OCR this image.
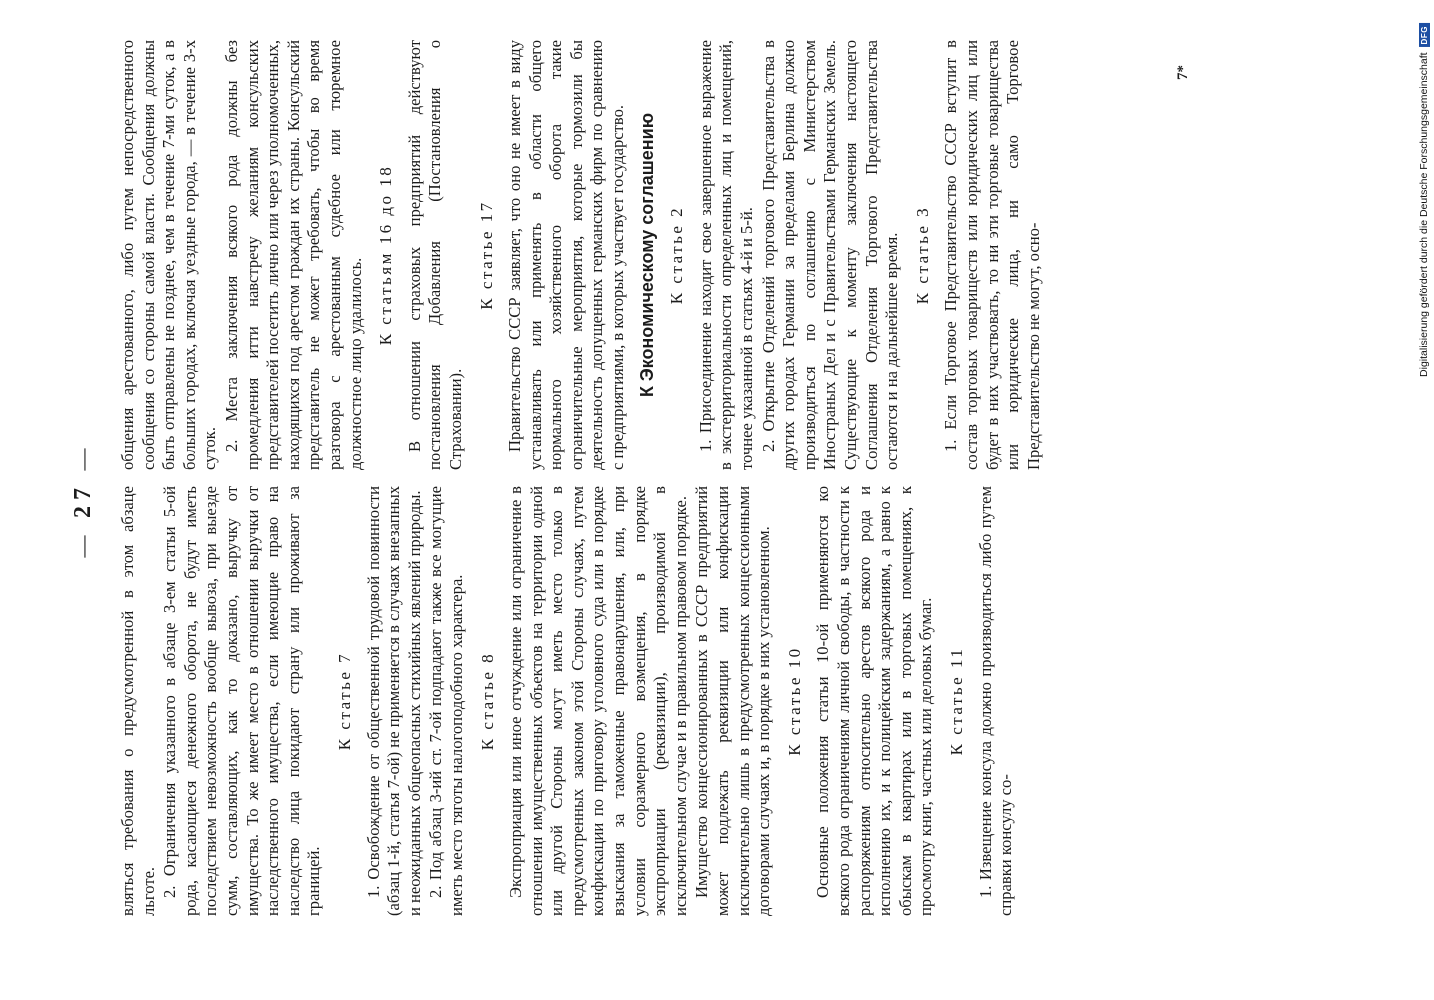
— 27 —

вляться требования о предусмотренной в этом абзаце льготе. 2. Ограничения указанного в абзаце 3-ем статьи 5-ой рода, касающиеся денежного оборота, не будут иметь последствием невозможность вообще вывоза, при выезде сумм, составляющих, как то доказано, выручку от имущества. То же имеет место в отношении выручки от наследственного имущества, если имеющие право на наследство лица покидают страну или проживают за границей.

К статье 7 1. Освобождение от общественной трудовой повинности (абзац 1-й, статья 7-ой) не применяется в случаях внезапных и неожиданных общеопасных стихийных явлений природы. 2. Под абзац 3-ий ст. 7-ой подпадают также все могущие иметь место тяготы налогоподобного характера. К статье 8 Экспроприация или иное отчуждение или ограничение в отношении имущественных объектов на территории одной или другой Стороны могут иметь место только в предусмотренных законом этой Стороны случаях, путем конфискации по приговору уголовного суда или в порядке взыскания за таможенные правонарушения, или, при условии соразмерного возмещения, в порядке экспроприации (реквизиции), производимой в исключительном случае и в правильном правовом порядке. Имущество концессионированных в СССР предприятий может подлежать реквизиции или конфискации исключительно лишь в предусмотренных концессионными договорами случаях и, в порядке в них установленном. К статье 10 Основные положения статьи 10-ой применяются ко всякого рода ограничениям личной свободы, в частности к распоряжениям относительно арестов всякого рода и исполнению их, и к полицейским задержаниям, а равно к обыскам в квартирах или в торговых помещениях, к просмотру книг, частных или деловых бумаг. К статье 11 1. Извещение консула должно производиться либо путем справки консулу со-

общения арестованного, либо путем непосредственного сообщения со стороны самой власти. Сообщения должны быть отправлены не позднее, чем в течение 7-ми суток, а в больших городах, включая уездные города, — в течение 3-х суток. 2. Места заключения всякого рода должны без промедления итти навстречу желаниям консульских представителей посетить лично или через уполномоченных, находящихся под арестом граждан их страны. Консульский представитель не может требовать, чтобы во время разговора с арестованным судебное или тюремное должностное лицо удалилось.

К статьям 16 до 18 В отношении страховых предприятий действуют постановления Добавления (Постановления о Страховании).

К статье 17 Правительство СССР заявляет, что оно не имеет в виду устанавливать или применять в области общего нормального хозяйственного оборота такие ограничительные мероприятия, которые тормозили бы деятельность допущенных германских фирм по сравнению с предприятиями, в которых участвует государство. К Экономическому соглашению К статье 2 1. Присоединение находит свое завершенное выражение в экстерриториальности определенных лиц и помещений, точнее указанной в статьях 4-й и 5-й. 2. Открытие Отделений торгового Представительства в других городах Германии за пределами Берлина должно производиться по соглашению с Министерством Иностраных Дел и с Правительствами Германских Земель. Существующие к моменту заключения настоящего Соглашения Отделения Торгового Представительства остаются и на дальнейшее время. К статье 3 1. Если Торговое Представительство СССР вступит в состав торговых товариществ или юридических лиц или будет в них участвовать, то ни эти торговые товарищества или юридические лица, ни само Торговое Представительство не могут, осно-

7*	Digitalisierung gefördert durch die Deutsche Forschungsgemeinschaft
DFG
